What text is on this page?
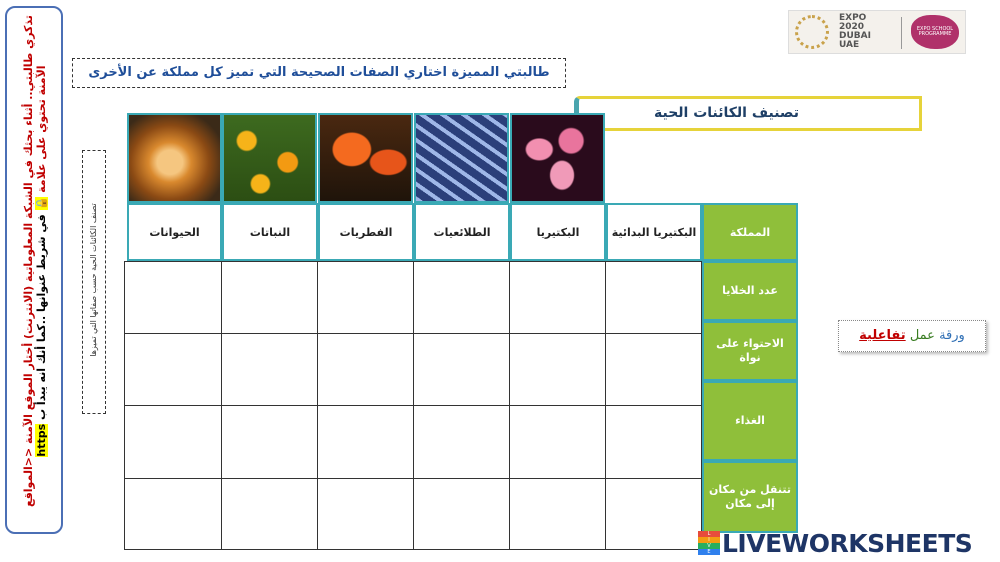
تذكري طالبتي.. أثناء بحثك في الشبكة المعلوماتية (الانترنت) أختار الموقع الآمنة <<المواقع الآمنة تحتوي على علامة 🔒 في شريط عنوانها ..كما أنك انه يبدأ ب https
تصنف الكائنات الحية حسب صفاتها التي تميزها
طالبتي المميزة اختاري الصفات الصحيحة التي تميز كل مملكة عن الأخرى
تصنيف الكائنات الحية
EXPO
2020
DUBAI
UAE
EXPO SCHOOL PROGRAMME
ورقة عمل تفاعلية
الحيوانات	النباتات	الفطريات	الطلائعيات	البكتيريا	البكتيريا البدائية	المملكة
عدد الخلايا
الاحتواء على نواة
الغذاء
تتنقل من مكان إلى مكان
L
I
V
E LIVEWORKSHEETS
